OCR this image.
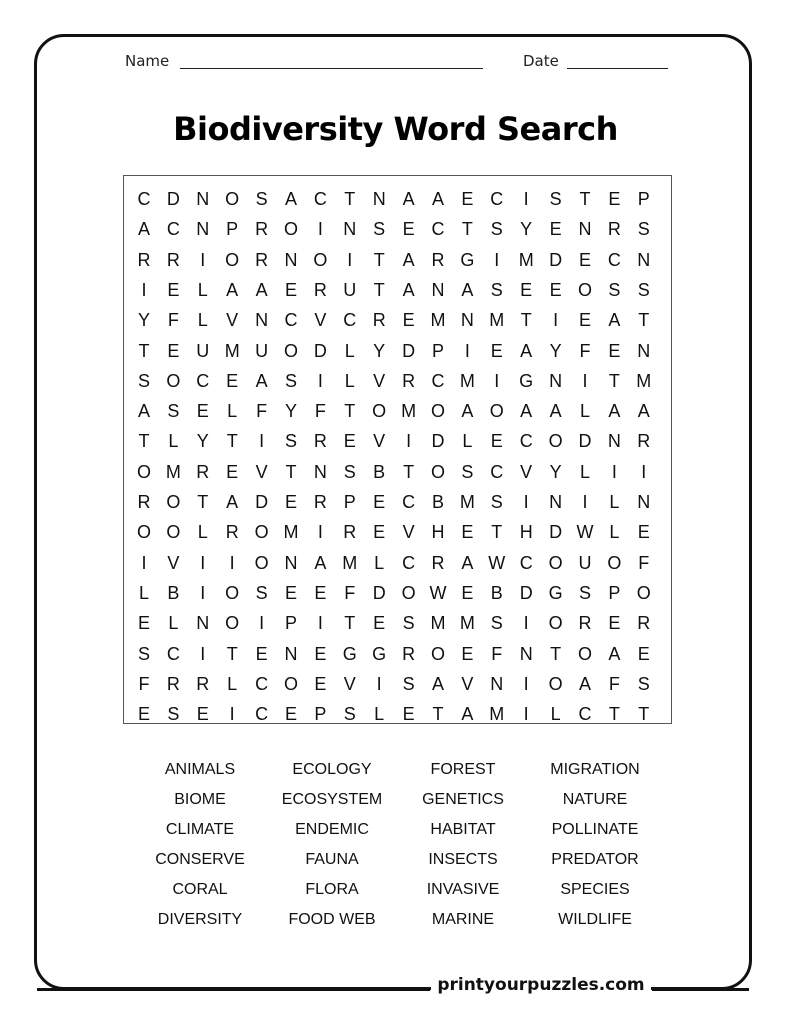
Name	Date
Biodiversity Word Search
C D N O S A C T N A A E C	I	S T E P
A C N P R O	I	N S E C T S Y E N R S
R R	I	O R N O	I	T A R G	I	M D E C N
I	E	L	A A E R U T A N A S E E O S S
Y F	L	V N C V C R E M N M T	I	E A T
T E U M U O D L	Y D P	I	E A Y F E N
S O C E A S	I	L	V R C M	I	G N	I	T M
A S E	L	F Y F	T O M O A O A A	L	A A
T	L	Y T	I	S R E V	I	D L	E C O D N R
O M R E V T N S B T O S C V Y	L	I	I
R O T A D E R P E C B M S	I	N	I	L N
O O L R O M	I	R E V H E T H D W L	E
I	V	I	I	O N A M L C R A W C O U O F
L	B	I	O S E E F D O W E B D G S P O
E	L N O	I	P	I	T E S M M S	I	O R E R
S C	I	T E N E G G R O E F N T O A E
F R R L C O E V	I	S A V N	I	O A F S
E S E	I	C E P S	L	E T A M	I	L C T	T
ANIMALS	ECOLOGY	FOREST	MIGRATION
BIOME	ECOSYSTEM	GENETICS	NATURE
CLIMATE	ENDEMIC	HABITAT	POLLINATE
CONSERVE	FAUNA	INSECTS	PREDATOR
CORAL	FLORA	INVASIVE	SPECIES
DIVERSITY	FOOD WEB	MARINE	WILDLIFE
printyourpuzzles.com
